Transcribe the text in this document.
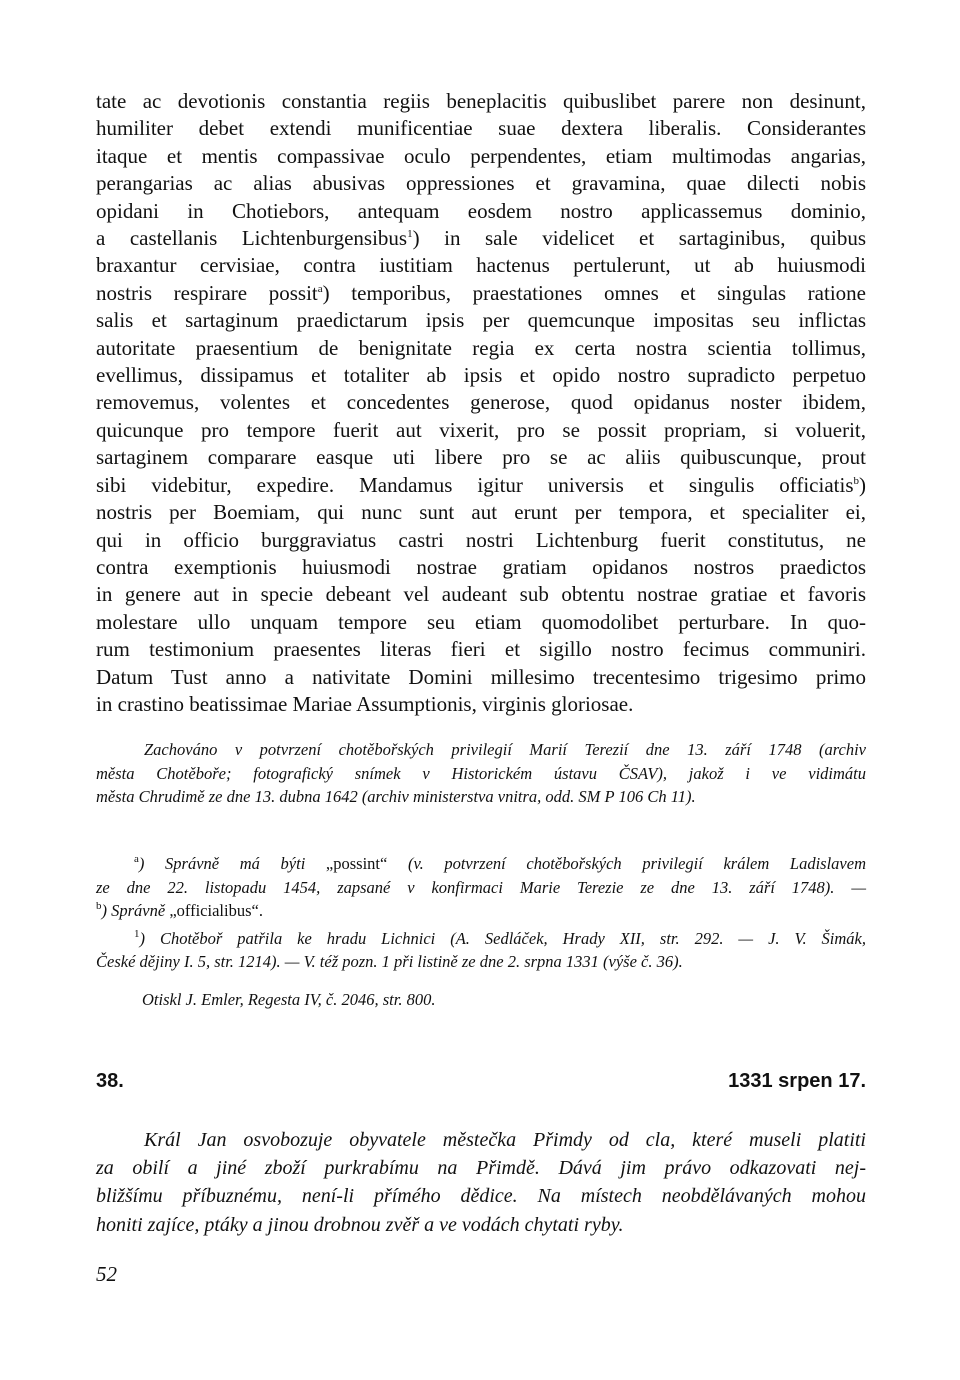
tate ac devotionis constantia regiis beneplacitis quibuslibet parere non desinunt,
humiliter debet extendi munificentiae suae dextera liberalis. Considerantes
itaque et mentis compassivae oculo perpendentes, etiam multimodas angarias,
perangarias ac alias abusivas oppressiones et gravamina, quae dilecti nobis
opidani in Chotiebors, antequam eosdem nostro applicassemus dominio,
a castellanis Lichtenburgensibus$^1$) in sale videlicet et sartaginibus, quibus
braxantur cervisiae, contra iustitiam hactenus pertulerunt, ut ab huiusmodi
nostris respirare possit$^a$) temporibus, praestationes omnes et singulas ratione
salis et sartaginum praedictarum ipsis per quemcunque impositas seu inflictas
autoritate praesentium de benignitate regia ex certa nostra scientia tollimus,
evellimus, dissipamus et totaliter ab ipsis et opido nostro supradicto perpetuo
removemus, volentes et concedentes generose, quod opidanus noster ibidem,
quicunque pro tempore fuerit aut vixerit, pro se possit propriam, si voluerit,
sartaginem comparare easque uti libere pro se ac aliis quibuscunque, prout
sibi videbitur, expedire. Mandamus igitur universis et singulis officiatis$^b$)
nostris per Boemiam, qui nunc sunt aut erunt per tempora, et specialiter ei,
qui in officio burggraviatus castri nostri Lichtenburg fuerit constitutus, ne
contra exemptionis huiusmodi nostrae gratiam opidanos nostros praedictos
in genere aut in specie debeant vel audeant sub obtentu nostrae gratiae et favoris
molestare ullo unquam tempore seu etiam quomodolibet perturbare. In quo-
rum testimonium praesentes literas fieri et sigillo nostro fecimus communiri.
Datum Tust anno a nativitate Domini millesimo trecentesimo trigesimo primo
in crastino beatissimae Mariae Assumptionis, virginis gloriosae.
Zachováno v potvrzení chotěbořských privilegií Marií Terezií dne 13. září 1748 (archiv
města Chotěboře; fotografický snímek v Historickém ústavu ČSAV), jakož i ve vidimátu
města Chrudimě ze dne 13. dubna 1642 (archiv ministerstva vnitra, odd. SM P 106 Ch 11).
$^a$) Správně má býti „possint“ (v. potvrzení chotěbořských privilegií králem Ladislavem
ze dne 22. listopadu 1454, zapsané v konfirmaci Marie Terezie ze dne 13. září 1748). —
$^b$) Správně „officialibus“.
$^1$) Chotěboř patřila ke hradu Lichnici (A. Sedláček, Hrady XII, str. 292. — J. V. Šimák,
České dějiny I. 5, str. 1214). — V. též pozn. 1 při listině ze dne 2. srpna 1331 (výše č. 36).
Otiskl J. Emler, Regesta IV, č. 2046, str. 800.
38.	1331 srpen 17.
Král Jan osvobozuje obyvatele městečka Přimdy od cla, které museli platiti
za obilí a jiné zboží purkrabímu na Přimdě. Dává jim právo odkazovati nej-
bližšímu příbuznému, není-li přímého dědice. Na místech neobdělávaných mohou
honiti zajíce, ptáky a jinou drobnou zvěř a ve vodách chytati ryby.
52
